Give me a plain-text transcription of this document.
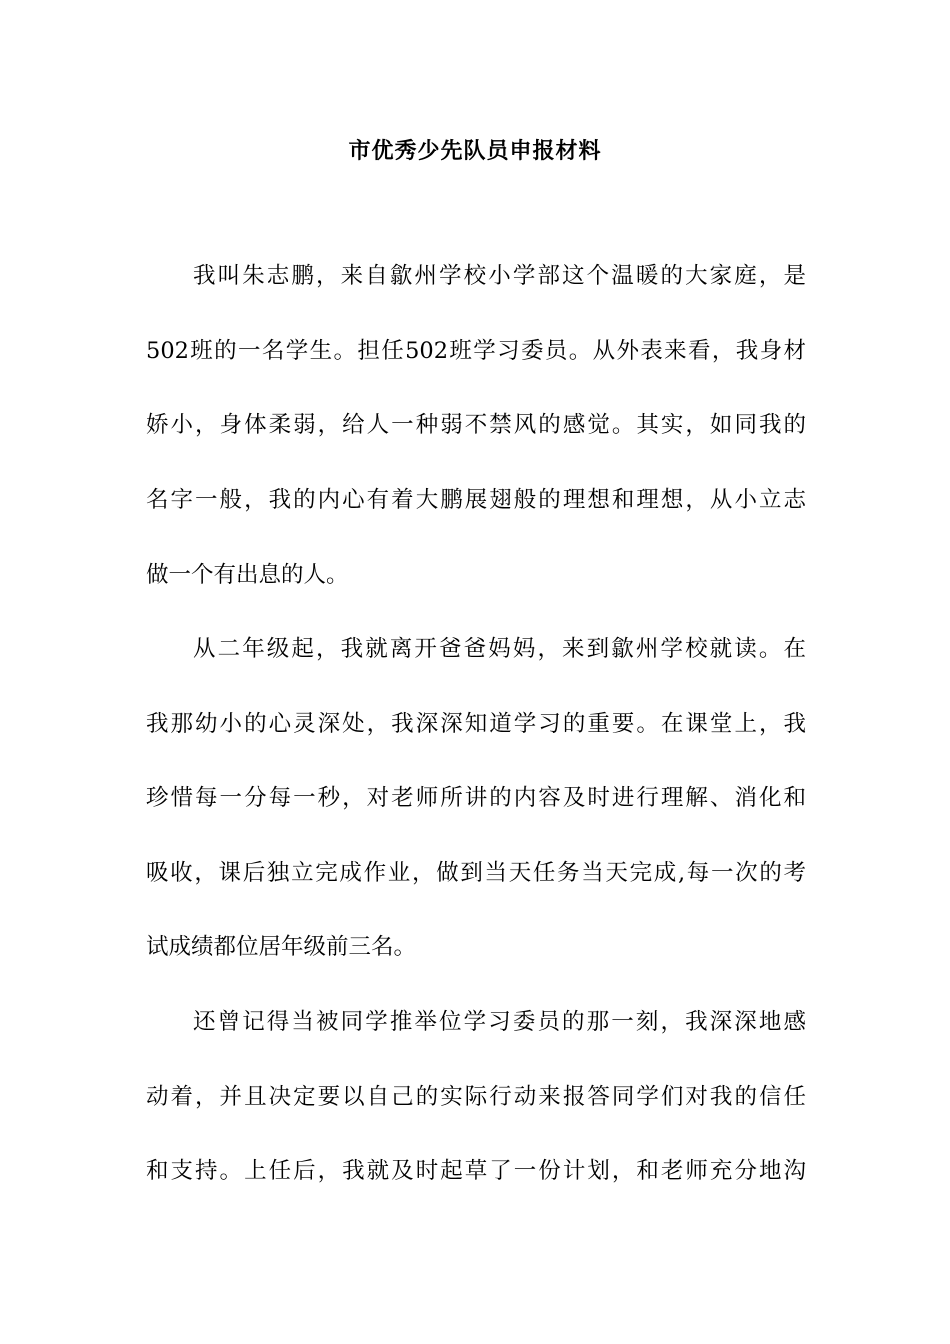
市优秀少先队员申报材料
我叫朱志鹏，来自歙州学校小学部这个温暖的大家庭，是
502班的一名学生。担任502班学习委员。从外表来看，我身材
娇小，身体柔弱，给人一种弱不禁风的感觉。其实，如同我的
名字一般，我的内心有着大鹏展翅般的理想和理想，从小立志
做一个有出息的人。
从二年级起，我就离开爸爸妈妈，来到歙州学校就读。在
我那幼小的心灵深处，我深深知道学习的重要。在课堂上，我
珍惜每一分每一秒，对老师所讲的内容及时进行理解、消化和
吸收，课后独立完成作业，做到当天任务当天完成,每一次的考
试成绩都位居年级前三名。
还曾记得当被同学推举位学习委员的那一刻，我深深地感
动着，并且决定要以自己的实际行动来报答同学们对我的信任
和支持。上任后，我就及时起草了一份计划，和老师充分地沟
